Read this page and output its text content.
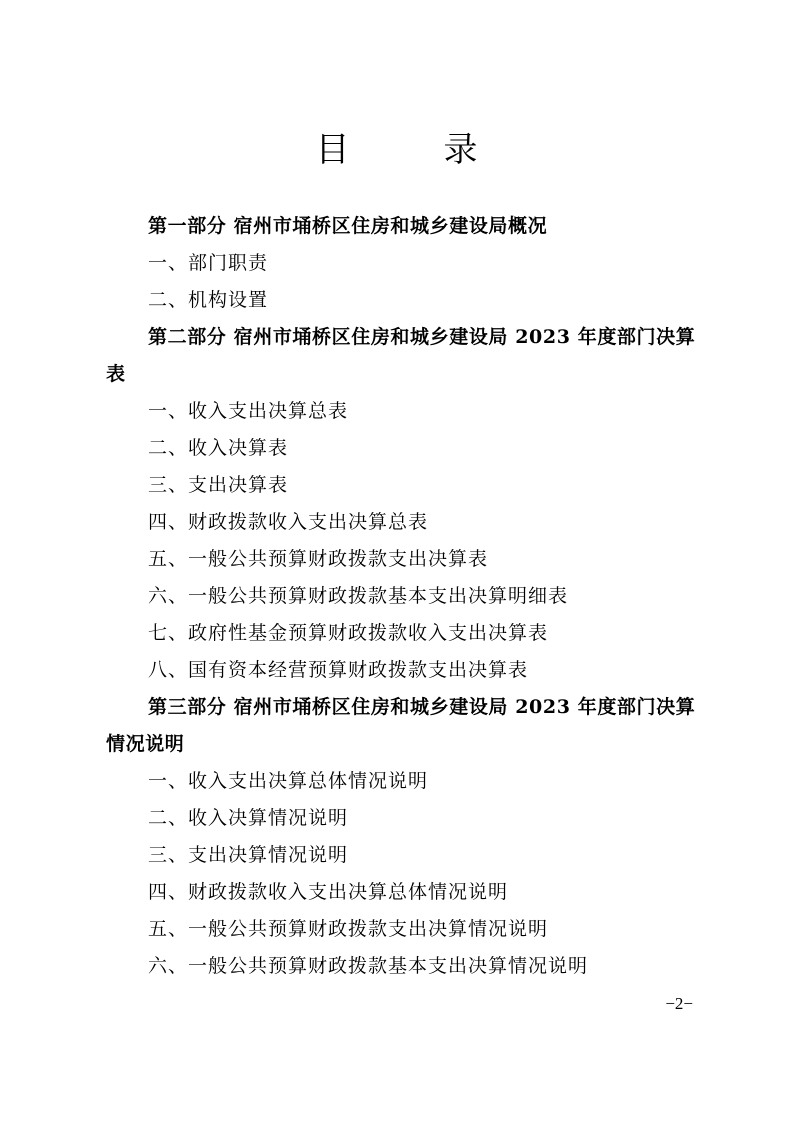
目　录
第一部分 宿州市埇桥区住房和城乡建设局概况
一、部门职责
二、机构设置
第二部分 宿州市埇桥区住房和城乡建设局 2023 年度部门决算表
一、收入支出决算总表
二、收入决算表
三、支出决算表
四、财政拨款收入支出决算总表
五、一般公共预算财政拨款支出决算表
六、一般公共预算财政拨款基本支出决算明细表
七、政府性基金预算财政拨款收入支出决算表
八、国有资本经营预算财政拨款支出决算表
第三部分 宿州市埇桥区住房和城乡建设局 2023 年度部门决算情况说明
一、收入支出决算总体情况说明
二、收入决算情况说明
三、支出决算情况说明
四、财政拨款收入支出决算总体情况说明
五、一般公共预算财政拨款支出决算情况说明
六、一般公共预算财政拨款基本支出决算情况说明
−2−
